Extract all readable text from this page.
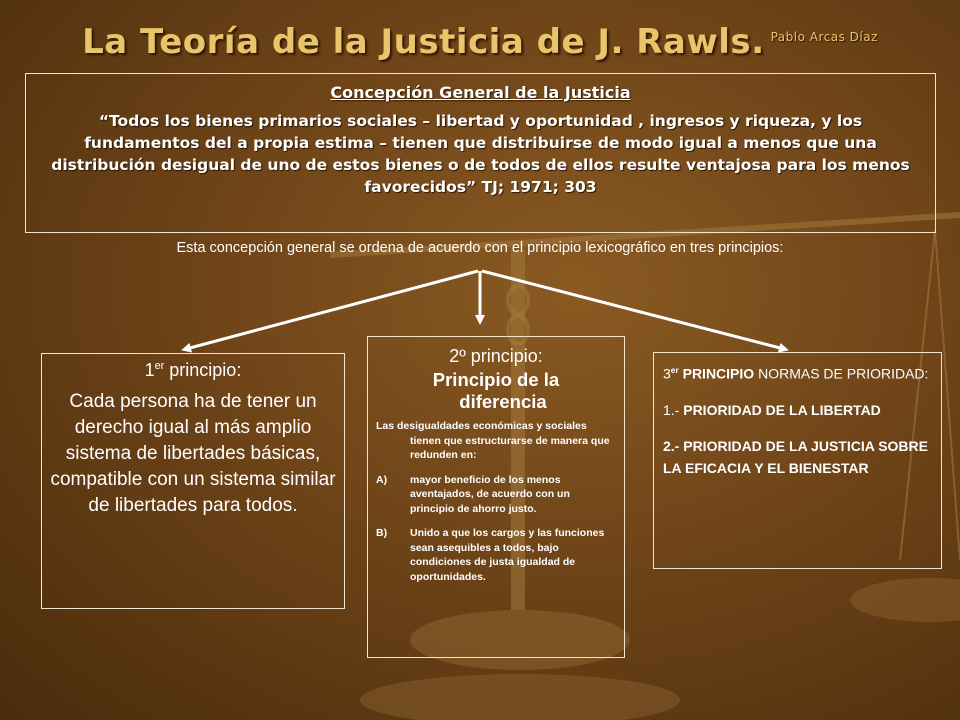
La Teoría de la Justicia de J. Rawls. $^{Pablo Arcas Díaz}$
Concepción General de la Justicia
“Todos los bienes primarios sociales – libertad y oportunidad , ingresos y riqueza, y los fundamentos del a propia estima – tienen que distribuirse de modo igual a menos que una distribución desigual de uno de estos bienes o de todos de ellos resulte ventajosa para los menos favorecidos” TJ; 1971; 303
Esta concepción general se ordena de acuerdo con el principio lexicográfico en tres principios:
1er principio:
Cada persona ha de tener un derecho igual al más amplio sistema de libertades básicas, compatible con un sistema similar de libertades para todos.
2º principio:
Principio de la
diferencia

Las desigualdades económicas y sociales tienen que estructurarse de manera que redunden en:

A)	mayor beneficio de los menos aventajados, de acuerdo con un principio de ahorro justo.
B)	Unido a que los cargos y las funciones sean asequibles a todos, bajo condiciones de justa igualdad de oportunidades.

3er PRINCIPIO NORMAS DE PRIORIDAD:

1.- PRIORIDAD DE LA LIBERTAD

2.- PRIORIDAD DE LA JUSTICIA SOBRE LA EFICACIA Y EL BIENESTAR
